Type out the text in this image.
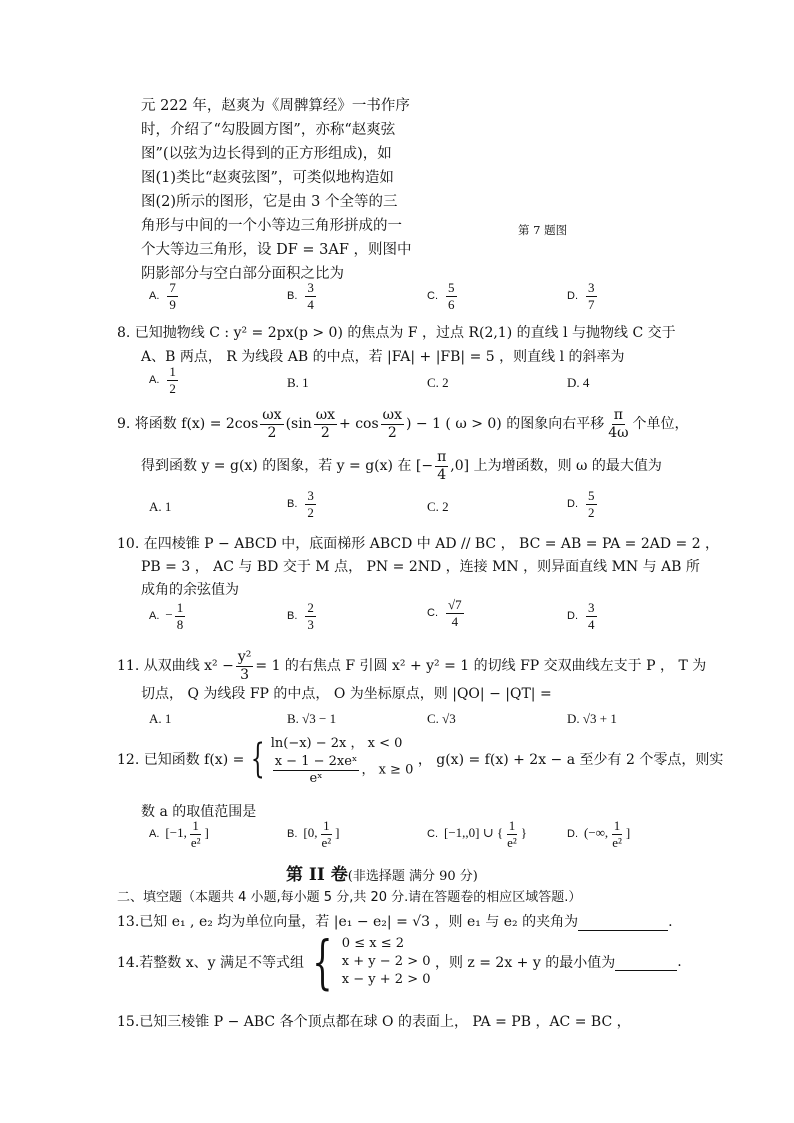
元 222 年，赵爽为《周髀算经》一书作序
时，介绍了“勾股圆方图”，亦称“赵爽弦
图”(以弦为边长得到的正方形组成)，如
图(1)类比“赵爽弦图”，可类似地构造如
图(2)所示的图形，它是由 3 个全等的三
角形与中间的一个小等边三角形拼成的一
个大等边三角形，设 DF = 3AF ，则图中
阴影部分与空白部分面积之比为
第 7 题图
A. $\frac{7}{9}$	B. $\frac{3}{4}$	C. $\frac{5}{6}$	D. $\frac{3}{7}$
8. 已知抛物线 C : y² = 2px(p > 0) 的焦点为 F ，过点 R(2,1) 的直线 l 与抛物线 C 交于
A、B 两点， R 为线段 AB 的中点，若 |FA| + |FB| = 5 ，则直线 l 的斜率为
A. $\frac{1}{2}$	B. 1	C. 2	D. 4
9. 将函数 $f(x) = 2\cos \frac{\omega x}{2} (\sin \frac{\omega x}{2} + \cos \frac{\omega x}{2}$ ) − 1 ( ω > 0) 的图象向右平移 $\frac{\pi}{4\omega}$ 个单位，
得到函数 y = g(x) 的图象，若 y = g(x) 在 [− $\frac{\pi}{4} ,0$] 上为增函数，则 ω 的最大值为
A. 1	B. $\frac{3}{2}$	C. 2	D. $\frac{5}{2}$
10. 在四棱锥 P − ABCD 中，底面梯形 ABCD 中 AD // BC ， BC = AB = PA = 2AD = 2 ，
PB = 3 ， AC 与 BD 交于 M 点， PN = 2ND ，连接 MN ，则异面直线 MN 与 AB 所
成角的余弦值为
A. − $\frac{1}{8}$	B. $\frac{2}{3}$	C. $\frac{√7}{4}$	D. $\frac{3}{4}$
11. 从双曲线 $x^2 - \frac{\text{y²}}{3} = 1$ 的右焦点 F 引圆 x² + y² = 1 的切线 FP 交双曲线左支于 P ， T 为
切点， Q 为线段 FP 的中点， O 为坐标原点，则 |QO| − |QT| =
A. 1	B. √3 − 1	C. √3	D. √3 + 1
12. 已知函数 f(x) = { ln(−x) − 2x ， x < 0
$\frac{\text{x − 1 − 2xeˣ}}{\text{eˣ}}$ ， x ≥ 0
， g(x) = f(x) + 2x − a 至少有 2 个零点，则实
数 a 的取值范围是
A. [−1, $\frac{1}{\text{e²}}$ ]	B. [0, $\frac{1}{\text{e²}}$ ]	C. [−1,,0] ∪ { $\frac{1}{\text{e²}}$ }	D. (−∞, $\frac{1}{\text{e²}}$ ]
第 II 卷(非选择题 满分 90 分)
二、填空题（本题共 4 小题,每小题 5 分,共 20 分.请在答题卷的相应区域答题.）
13.已知 e₁ , e₂ 均为单位向量，若 |e₁ − e₂| = √3 ，则 e₁ 与 e₂ 的夹角为	.
14.若整数 x、y 满足不等式组 { 0 ≤ x ≤ 2
x + y − 2 > 0
x − y + 2 > 0
，则 z = 2x + y 的最小值为	.
15.已知三棱锥 P − ABC 各个顶点都在球 O 的表面上， PA = PB ，AC = BC ，
